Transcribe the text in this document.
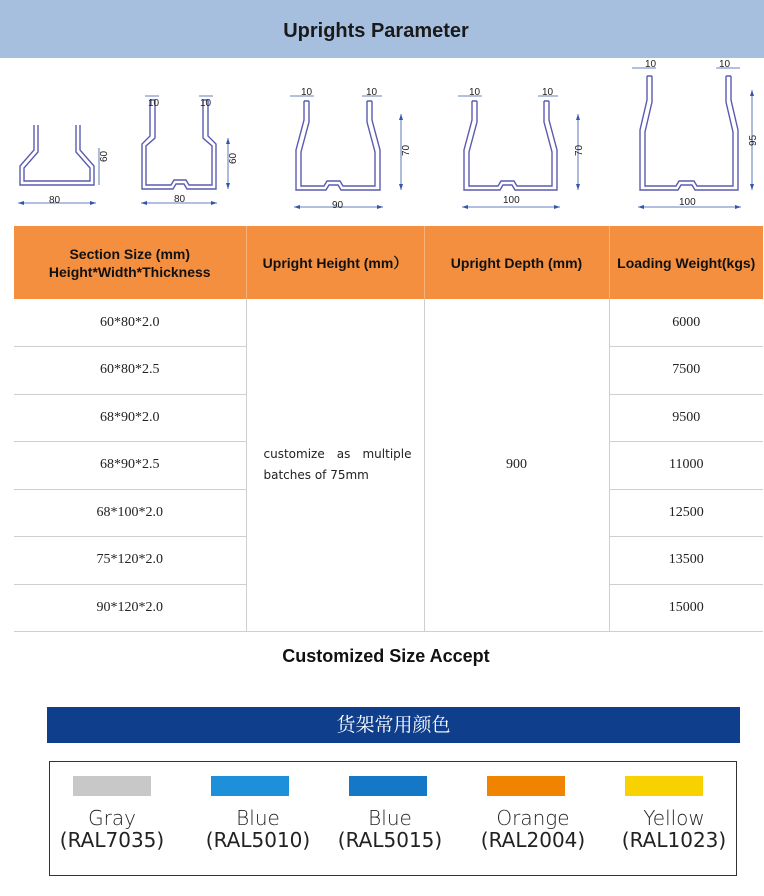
Uprights Parameter
80
60
10	10
80
60
10	10
90
70
10	10
100
70
10	10
100
95
Section Size (mm)
Height*Width*Thickness	Upright Height (mm）	Upright Depth (mm)	Loading Weight(kgs)
60*80*2.0	customize as multiple batches of 75mm	900	6000
60*80*2.5			7500
68*90*2.0			9500
68*90*2.5			11000
68*100*2.0			12500
75*120*2.0			13500
90*120*2.0			15000
Customized Size Accept
货架常用颜色
Gray
(RAL7035)
Blue
(RAL5010)
Blue
(RAL5015)
Orange
(RAL2004)
Yellow
(RAL1023)
